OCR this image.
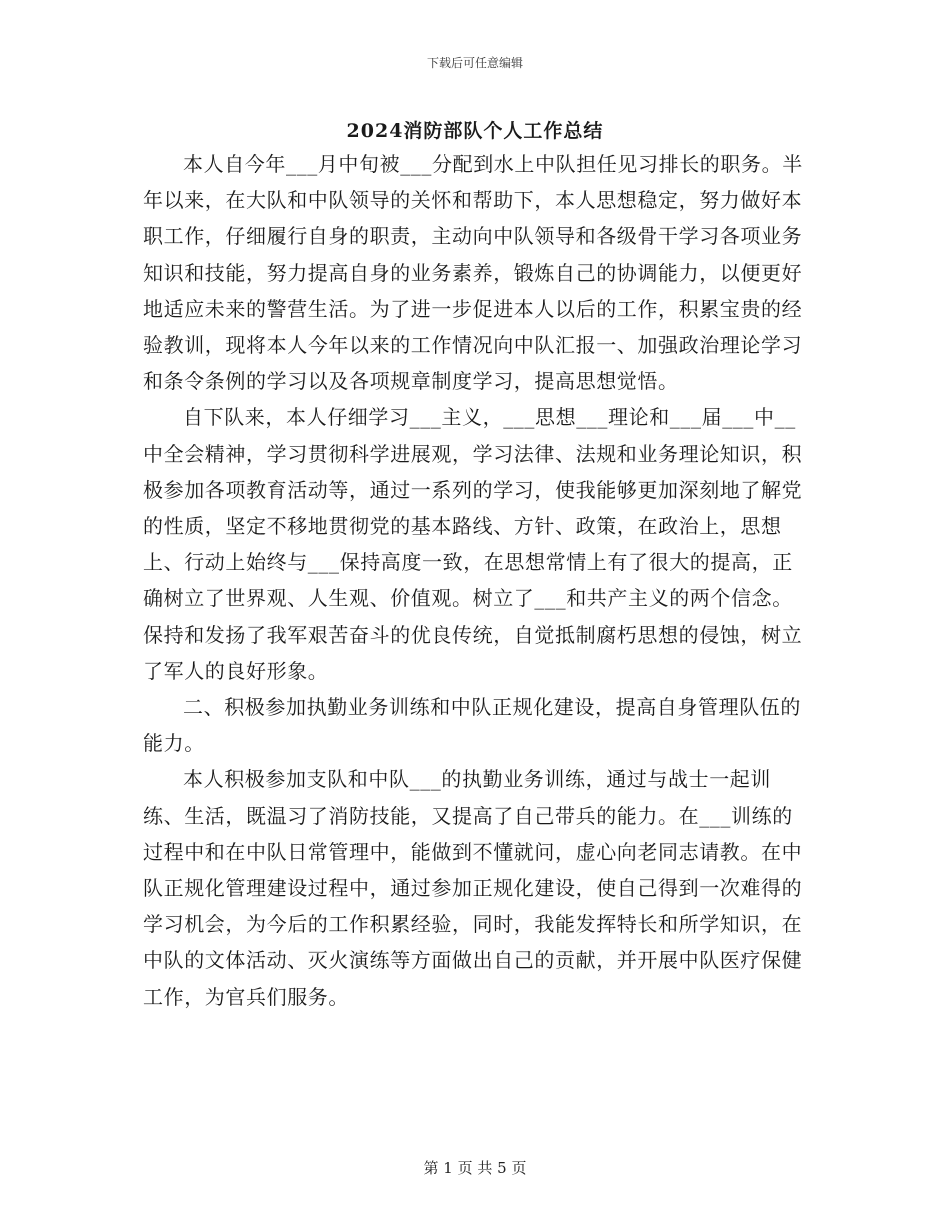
下载后可任意编辑
2024消防部队个人工作总结

本人自今年___月中旬被___分配到水上中队担任见习排长的职务。半年以来，在大队和中队领导的关怀和帮助下，本人思想稳定，努力做好本职工作，仔细履行自身的职责，主动向中队领导和各级骨干学习各项业务知识和技能，努力提高自身的业务素养，锻炼自己的协调能力，以便更好地适应未来的警营生活。为了进一步促进本人以后的工作，积累宝贵的经验教训，现将本人今年以来的工作情况向中队汇报一、加强政治理论学习和条令条例的学习以及各项规章制度学习，提高思想觉悟。

自下队来，本人仔细学习___主义，___思想___理论和___届___中__中全会精神，学习贯彻科学进展观，学习法律、法规和业务理论知识，积极参加各项教育活动等，通过一系列的学习，使我能够更加深刻地了解党的性质，坚定不移地贯彻党的基本路线、方针、政策，在政治上，思想上、行动上始终与___保持高度一致，在思想常情上有了很大的提高，正确树立了世界观、人生观、价值观。树立了___和共产主义的两个信念。保持和发扬了我军艰苦奋斗的优良传统，自觉抵制腐朽思想的侵蚀，树立了军人的良好形象。

二、积极参加执勤业务训练和中队正规化建设，提高自身管理队伍的能力。

本人积极参加支队和中队___的执勤业务训练，通过与战士一起训练、生活，既温习了消防技能，又提高了自己带兵的能力。在___训练的过程中和在中队日常管理中，能做到不懂就问，虚心向老同志请教。在中队正规化管理建设过程中，通过参加正规化建设，使自己得到一次难得的学习机会，为今后的工作积累经验，同时，我能发挥特长和所学知识，在中队的文体活动、灭火演练等方面做出自己的贡献，并开展中队医疗保健工作，为官兵们服务。

第 1 页 共 5 页
